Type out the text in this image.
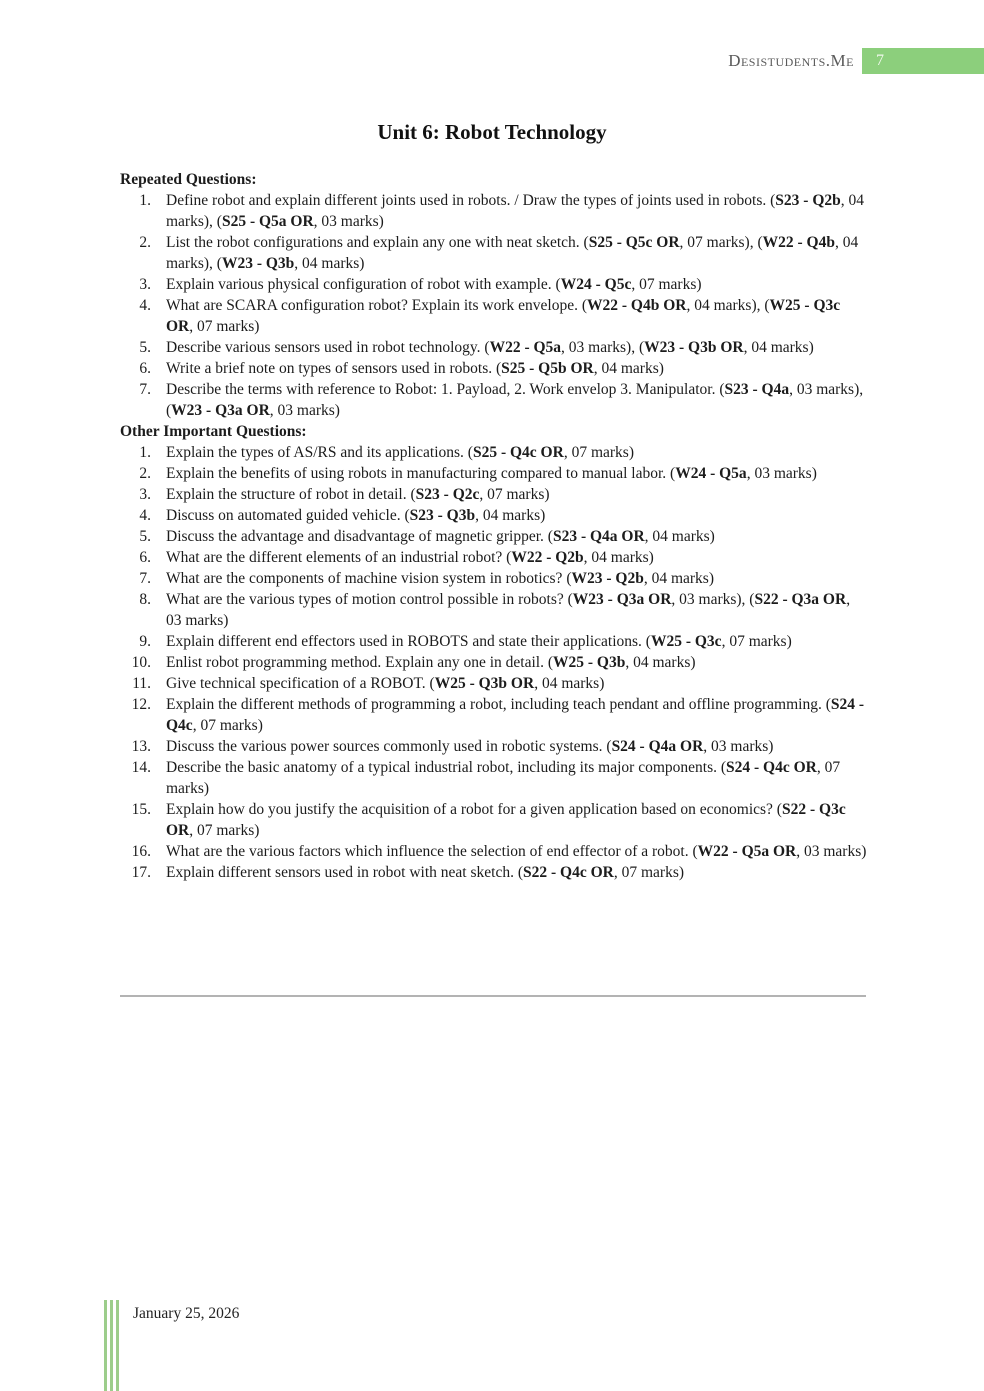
Desistudents.Me	7
Unit 6: Robot Technology
Repeated Questions:
1. Define robot and explain different joints used in robots. / Draw the types of joints used in robots. (S23 - Q2b, 04 marks), (S25 - Q5a OR, 03 marks)
2. List the robot configurations and explain any one with neat sketch. (S25 - Q5c OR, 07 marks), (W22 - Q4b, 04 marks), (W23 - Q3b, 04 marks)
3. Explain various physical configuration of robot with example. (W24 - Q5c, 07 marks)
4. What are SCARA configuration robot? Explain its work envelope. (W22 - Q4b OR, 04 marks), (W25 - Q3c OR, 07 marks)
5. Describe various sensors used in robot technology. (W22 - Q5a, 03 marks), (W23 - Q3b OR, 04 marks)
6. Write a brief note on types of sensors used in robots. (S25 - Q5b OR, 04 marks)
7. Describe the terms with reference to Robot: 1. Payload, 2. Work envelop 3. Manipulator. (S23 - Q4a, 03 marks), (W23 - Q3a OR, 03 marks)
Other Important Questions:
1. Explain the types of AS/RS and its applications. (S25 - Q4c OR, 07 marks)
2. Explain the benefits of using robots in manufacturing compared to manual labor. (W24 - Q5a, 03 marks)
3. Explain the structure of robot in detail. (S23 - Q2c, 07 marks)
4. Discuss on automated guided vehicle. (S23 - Q3b, 04 marks)
5. Discuss the advantage and disadvantage of magnetic gripper. (S23 - Q4a OR, 04 marks)
6. What are the different elements of an industrial robot? (W22 - Q2b, 04 marks)
7. What are the components of machine vision system in robotics? (W23 - Q2b, 04 marks)
8. What are the various types of motion control possible in robots? (W23 - Q3a OR, 03 marks), (S22 - Q3a OR, 03 marks)
9. Explain different end effectors used in ROBOTS and state their applications. (W25 - Q3c, 07 marks)
10. Enlist robot programming method. Explain any one in detail. (W25 - Q3b, 04 marks)
11. Give technical specification of a ROBOT. (W25 - Q3b OR, 04 marks)
12. Explain the different methods of programming a robot, including teach pendant and offline programming. (S24 - Q4c, 07 marks)
13. Discuss the various power sources commonly used in robotic systems. (S24 - Q4a OR, 03 marks)
14. Describe the basic anatomy of a typical industrial robot, including its major components. (S24 - Q4c OR, 07 marks)
15. Explain how do you justify the acquisition of a robot for a given application based on economics? (S22 - Q3c OR, 07 marks)
16. What are the various factors which influence the selection of end effector of a robot. (W22 - Q5a OR, 03 marks)
17. Explain different sensors used in robot with neat sketch. (S22 - Q4c OR, 07 marks)
January 25, 2026
